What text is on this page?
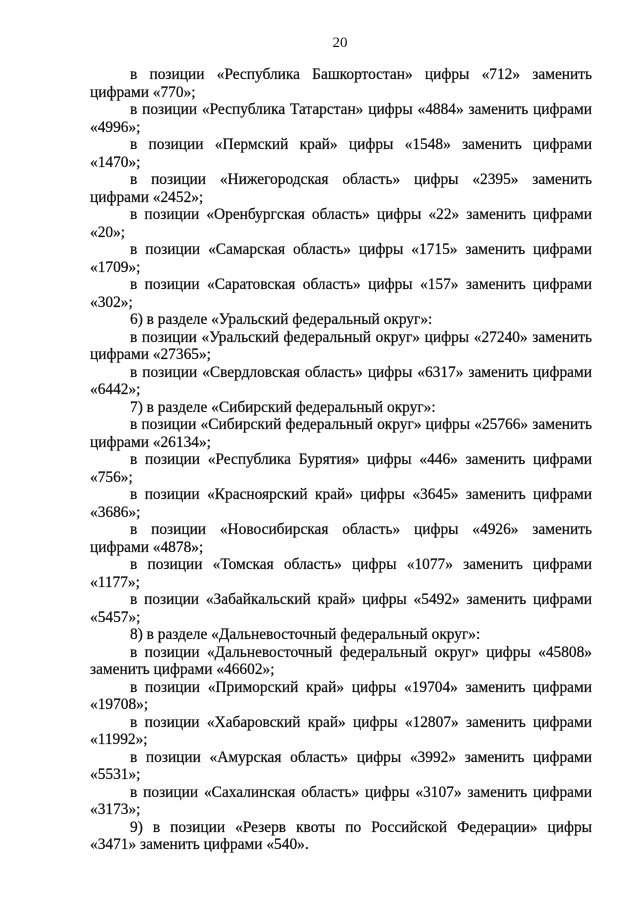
20

в позиции «Республика Башкортостан» цифры «712» заменить цифрами «770»;

в позиции «Республика Татарстан» цифры «4884» заменить цифрами «4996»;

в позиции «Пермский край» цифры «1548» заменить цифрами «1470»;

в позиции «Нижегородская область» цифры «2395» заменить цифрами «2452»;

в позиции «Оренбургская область» цифры «22» заменить цифрами «20»;

в позиции «Самарская область» цифры «1715» заменить цифрами «1709»;

в позиции «Саратовская область» цифры «157» заменить цифрами «302»;

6) в разделе «Уральский федеральный округ»:

в позиции «Уральский федеральный округ» цифры «27240» заменить цифрами «27365»;

в позиции «Свердловская область» цифры «6317» заменить цифрами «6442»;

7) в разделе «Сибирский федеральный округ»:

в позиции «Сибирский федеральный округ» цифры «25766» заменить цифрами «26134»;

в позиции «Республика Бурятия» цифры «446» заменить цифрами «756»;

в позиции «Красноярский край» цифры «3645» заменить цифрами «3686»;

в позиции «Новосибирская область» цифры «4926» заменить цифрами «4878»;

в позиции «Томская область» цифры «1077» заменить цифрами «1177»;

в позиции «Забайкальский край» цифры «5492» заменить цифрами «5457»;

8) в разделе «Дальневосточный федеральный округ»:

в позиции «Дальневосточный федеральный округ» цифры «45808» заменить цифрами «46602»;

в позиции «Приморский край» цифры «19704» заменить цифрами «19708»;

в позиции «Хабаровский край» цифры «12807» заменить цифрами «11992»;

в позиции «Амурская область» цифры «3992» заменить цифрами «5531»;

в позиции «Сахалинская область» цифры «3107» заменить цифрами «3173»;

9) в позиции «Резерв квоты по Российской Федерации» цифры «3471» заменить цифрами «540».
